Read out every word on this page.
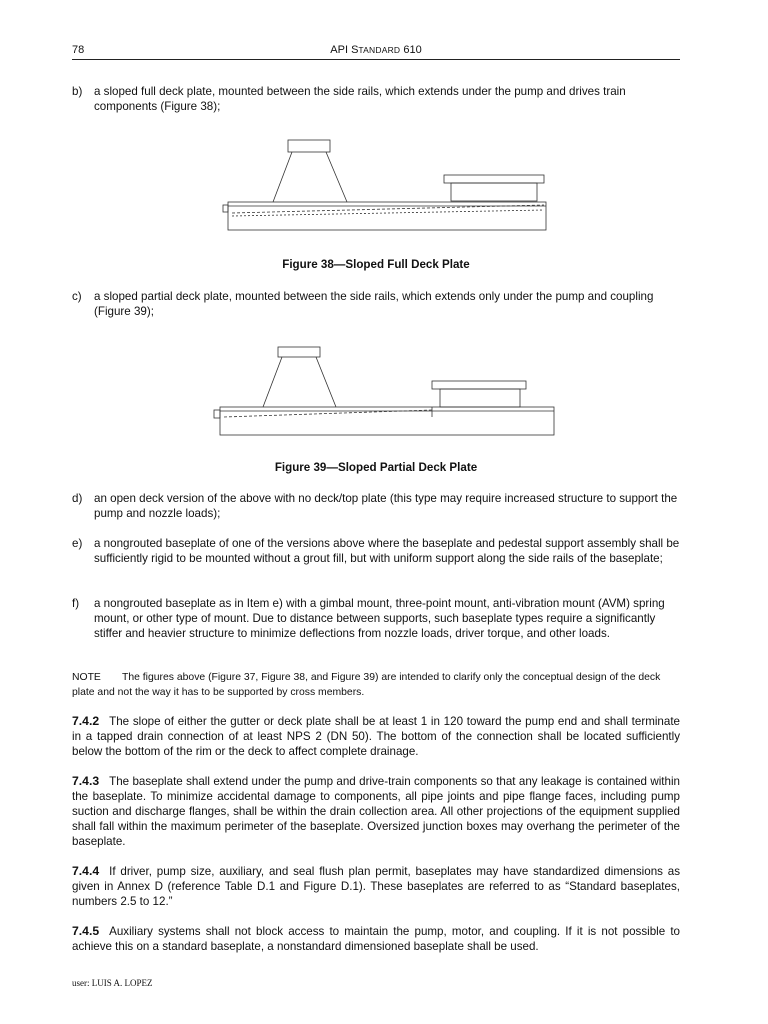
78	API STANDARD 610
b) a sloped full deck plate, mounted between the side rails, which extends under the pump and drives train components (Figure 38);
Figure 38—Sloped Full Deck Plate
c) a sloped partial deck plate, mounted between the side rails, which extends only under the pump and coupling (Figure 39);
Figure 39—Sloped Partial Deck Plate
d) an open deck version of the above with no deck/top plate (this type may require increased structure to support the pump and nozzle loads);
e) a nongrouted baseplate of one of the versions above where the baseplate and pedestal support assembly shall be sufficiently rigid to be mounted without a grout fill, but with uniform support along the side rails of the baseplate;
f) a nongrouted baseplate as in Item e) with a gimbal mount, three-point mount, anti-vibration mount (AVM) spring mount, or other type of mount. Due to distance between supports, such baseplate types require a significantly stiffer and heavier structure to minimize deflections from nozzle loads, driver torque, and other loads.
NOTE The figures above (Figure 37, Figure 38, and Figure 39) are intended to clarify only the conceptual design of the deck plate and not the way it has to be supported by cross members.
7.4.2 The slope of either the gutter or deck plate shall be at least 1 in 120 toward the pump end and shall terminate in a tapped drain connection of at least NPS 2 (DN 50). The bottom of the connection shall be located sufficiently below the bottom of the rim or the deck to affect complete drainage.
7.4.3 The baseplate shall extend under the pump and drive-train components so that any leakage is contained within the baseplate. To minimize accidental damage to components, all pipe joints and pipe flange faces, including pump suction and discharge flanges, shall be within the drain collection area. All other projections of the equipment supplied shall fall within the maximum perimeter of the baseplate. Oversized junction boxes may overhang the perimeter of the baseplate.
7.4.4 If driver, pump size, auxiliary, and seal flush plan permit, baseplates may have standardized dimensions as given in Annex D (reference Table D.1 and Figure D.1). These baseplates are referred to as “Standard baseplates, numbers 2.5 to 12.”
7.4.5 Auxiliary systems shall not block access to maintain the pump, motor, and coupling. If it is not possible to achieve this on a standard baseplate, a nonstandard dimensioned baseplate shall be used.
user: LUIS A. LOPEZ
